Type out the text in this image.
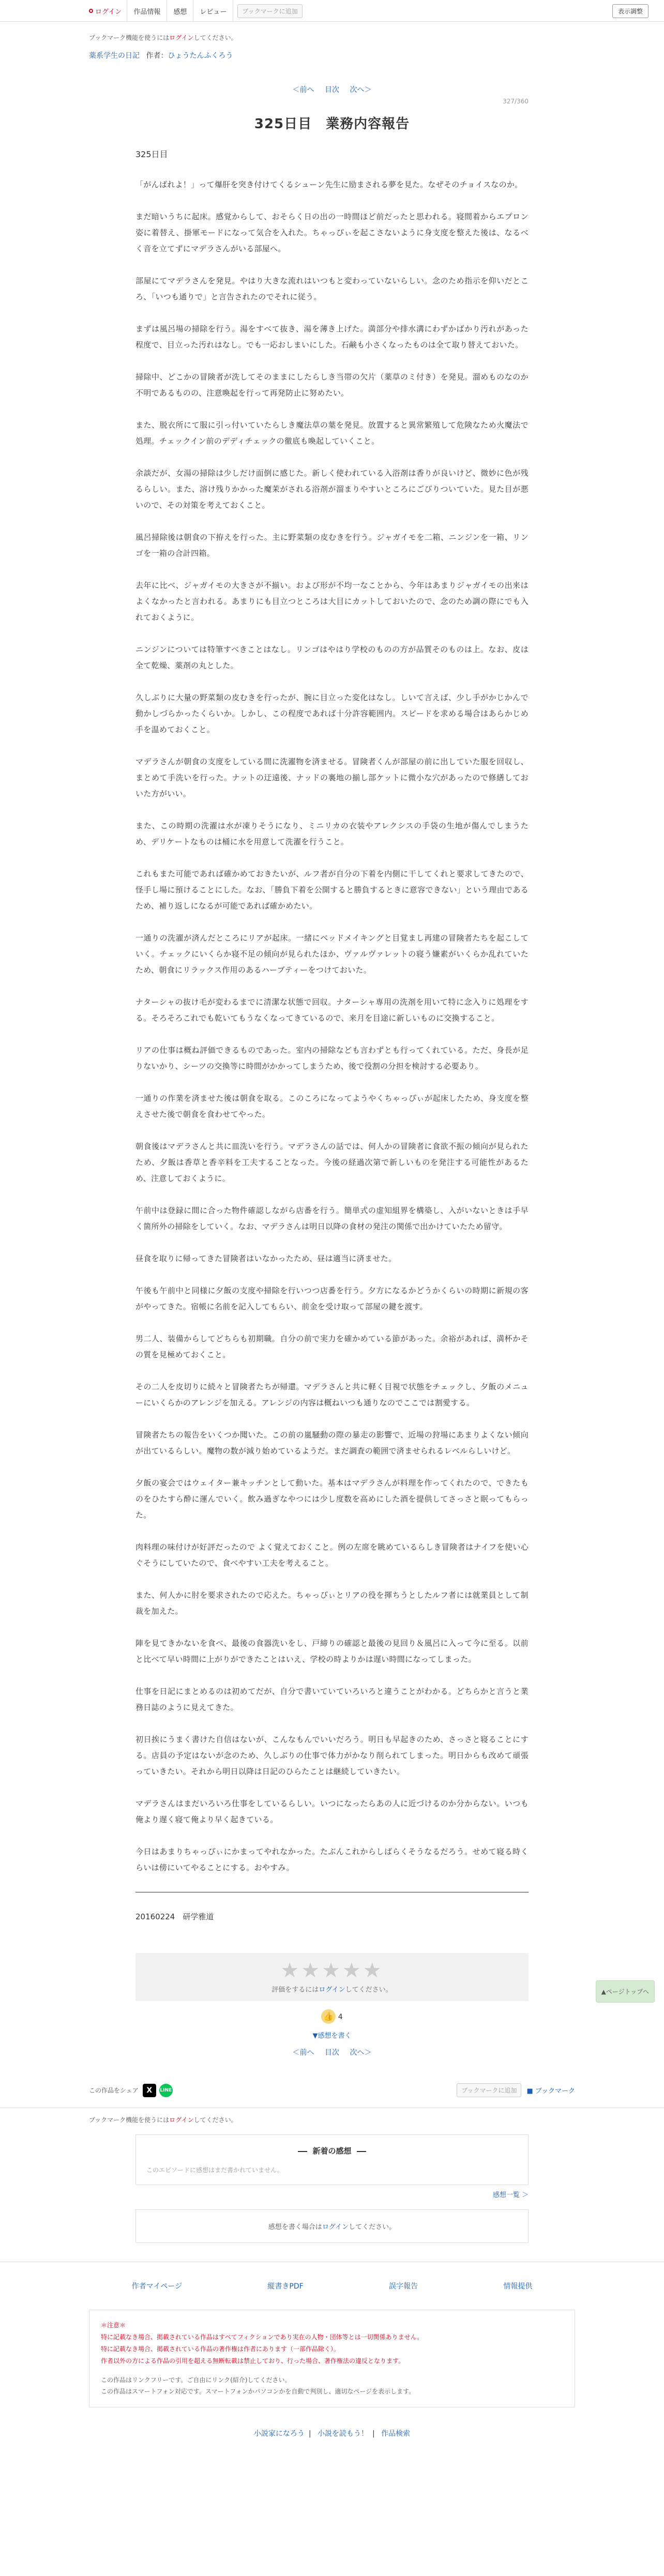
ログイン	作品情報	感想	レビュー	ブックマークに追加	表示調整
ブックマーク機能を使うにはログインしてください。
薬系学生の日記 作者：ひょうたんふくろう
＜前へ 目次 次へ＞
327/360
325日目　業務内容報告
325日目

「がんばれよ！」って爆肝を突き付けてくるシューン先生に励まされる夢を見た。なぜそのチョイスなのか。

まだ暗いうちに起床。感覚からして、おそらく日の出の一時間ほど前だったと思われる。寝間着からエプロン姿に着替え、掛軍モードになって気合を入れた。ちゃっぴぃを起こさないように身支度を整えた後は、なるべく音を立てずにマデラさんがいる部屋へ。

部屋にてマデラさんを発見。やはり大きな流れはいつもと変わっていないらしい。念のため指示を仰いだところ、「いつも通りで」と言告されたのでそれに従う。

まずは風呂場の掃除を行う。湯をすべて抜き、湯を薄き上げた。満部分や排水溝にわずかばかり汚れがあった程度で、目立った汚れはなし。でも一応おしまいにした。石鹸も小さくなったものは全て取り替えておいた。

掃除中、どこかの冒険者が洗してそのままにしたらしき当帯の欠片（薬草のミ付き）を発見。溜めものなのか不明であるものの、注意喚起を行って再発防止に努めたい。

また、脱衣所にて服に引っ付いていたらしき魔法草の葉を発見。放置すると異常繁殖して危険なため火魔法で処理。チェックイン前のデディチェックの徹底も喚起していくこと。

余談だが、女湯の掃除は少しだけ面倒に感じた。新しく使われている入浴剤は香りが良いけど、微妙に色が残るらしい。また、溶け残りかかった魔茉がされる浴剤が溜まりやすいところにごびりついていた。見た目が悪いので、その対策を考えておくこと。

風呂掃除後は朝食の下拵えを行った。主に野菜類の皮むきを行う。ジャガイモを二箱、ニンジンを一箱、リンゴを一箱の合計四箱。

去年に比べ、ジャガイモの大きさが不揃い。および形が不均一なことから、今年はあまりジャガイモの出来はよくなかったと言われる。あまりにも目立つところは大目にカットしておいたので、念のため調の際にでも入れておくように。

ニンジンについては特筆すべきことはなし。リンゴはやはり学校のものの方が品質そのものは上。なお、皮は全て乾燥、薬剤の丸とした。

久しぶりに大量の野菜類の皮むきを行ったが、腕に目立った変化はなし。しいて言えば、少し手がかじかんで動かしづらかったくらいか。しかし、この程度であれば十分許容範囲内。スピードを求める場合はあらかじめ手を温めておくこと。

マデラさんが朝食の支度をしている間に洗濯物を済ませる。冒険者くんが部屋の前に出していた服を回収し、まとめて手洗いを行った。ナットの迂遠後、ナッドの裏地の揃し部ケットに微小な穴があったので修繕しておいた方がいい。

また、この時期の洗濯は水が凍りそうになり、ミニリカの衣装やアレクシスの手袋の生地が傷んでしまうため、デリケートなものは桶に水を用意して洗濯を行うこと。

これもまた可能であれば確かめておきたいが、ルフ者が自分の下着を内側に干してくれと要求してきたので、怪手し場に預けることにした。なお、「勝負下着を公開すると勝負するときに意容できない」という理由であるため、補り返しになるが可能であれば確かめたい。

一通りの洗濯が済んだところにリアが起床。一緒にベッドメイキングと目覚まし再建の冒険者たちを起こしていく。チェックにいくらか寝不足の傾向が見られたほか、ヴァルヴァレットの寝う嫌素がいくらか乱れていたため、朝食にリラックス作用のあるハーブティーをつけておいた。

ナターシャの抜け毛が変わるまでに清潔な状態で回収。ナターシャ専用の洗剤を用いて特に念入りに処理をする。そろそろこれでも乾いてもうなくなってきているので、来月を目途に新しいものに交換すること。

リアの仕事は概ね評価できるものであった。室内の掃除なども言わずとも行ってくれている。ただ、身長が足りないかり、シーツの交換等に時間がかかってしまうため、後で役割の分担を検討する必要あり。

一通りの作業を済ませた後は朝食を取る。このころになってようやくちゃっぴぃが起床したため、身支度を整えさせた後で朝食を食わせてやった。

朝食後はマデラさんと共に皿洗いを行う。マデラさんの話では、何人かの冒険者に食欲不振の傾向が見られたため、夕飯は香草と香辛料を工夫することなった。今後の経過次第で新しいものを発注する可能性があるため、注意しておくように。

午前中は登録に間に合った物件確認しながら店番を行う。簡単式の虚知組界を構築し、入がいないときは手早く箇所外の掃除をしていく。なお、マデラさんは明日以降の食材の発注の関係で出かけていたため留守。

昼食を取りに帰ってきた冒険者はいなかったため、昼は適当に済ませた。

午後も午前中と同様に夕飯の支度や掃除を行いつつ店番を行う。夕方になるかどうかくらいの時期に新規の客がやってきた。宿帳に名前を記入してもらい、前金を受け取って部屋の鍵を渡す。

男二人、装備からしてどちらも初期職。自分の前で実力を確かめている節があった。余裕があれば、満杯かその質を見極めておくこと。

その二人を皮切りに続々と冒険者たちが帰還。マデラさんと共に軽く目視で状態をチェックし、夕飯のメニューにいくらかのアレンジを加える。アレンジの内容は概ねいつも通りなのでここでは割愛する。

冒険者たちの報告をいくつか聞いた。この前の嵐騒動の際の暴走の影響で、近場の狩場にあまりよくない傾向が出ているらしい。魔物の数が減り始めているようだ。まだ調査の範囲で済ませられるレベルらしいけど。

夕飯の宴会ではウェイター兼キッチンとして動いた。基本はマデラさんが料理を作ってくれたので、できたものをひたすら酔に運んでいく。飲み過ぎなやつには少し度数を高めにした酒を提供してさっさと眠ってもらった。

肉料理の味付けが好評だったので よく覚えておくこと。例の左席を眺めているらしき冒険者はナイフを使い心ぐそうにしていたので、食べやすい工夫を考えること。

また、何人かに肘を要求されたので応えた。ちゃっぴぃとリアの役を揮ちうとしたルフ者には就業員として制裁を加えた。

陣を見てきかないを食べ、最後の食器洗いをし、戸締りの確認と最後の見回り＆風呂に入って今に至る。以前と比べて早い時間に上がりができたことはいえ、学校の時よりかは遅い時間になってしまった。

仕事を日記にまとめるのは初めてだが、自分で書いていていろいろと違うことがわかる。どちらかと言うと業務日誌のように見えてきた。

初日挨にうまく書けた自信はないが、こんなもんでいいだろう。明日も早起きのため、さっさと寝ることにする。店員の予定はないが念のため、久しぶりの仕事で体力がかなり削られてしまった。明日からも改めて頑張っていきたい。それから明日以降は日記のひらたことは継続していきたい。

マデラさんはまだいろいろ仕事をしているらしい。いつになったらあの人に近づけるのか分からない。いつも俺より遅く寝て俺より早く起きている。

今日はあまりちゃっぴぃにかまってやれなかった。たぶんこれからしばらくそうなるだろう。せめて寝る時くらいは傍にいてやることにする。おやすみ。

20160224　研学雅道
★★★★★
評価をするにはログインしてください。
👍 4
▼感想を書く
＜前へ 目次 次へ＞
この作品をシェア	X	LINE	ブックマークに追加	■ ブックマーク
ブックマーク機能を使うにはログインしてください。
新着の感想
このエピソードに感想はまだ書かれていません。
感想一覧 ＞
感想を書く場合はログインしてください。
作者マイページ	縦書きPDF	誤字報告	情報提供
＊注意＊
特に記載なき場合、掲載されている作品はすべてフィクションであり実在の人物・団体等とは一切関係ありません。
特に記載なき場合、掲載されている作品の著作権は作者にあります（一部作品除く）。
作者以外の方による作品の引用を超える無断転載は禁止しており、行った場合、著作権法の違反となります。
この作品はリンクフリーです。ご自由にリンク(紹介)してください。
この作品はスマートフォン対応です。スマートフォンかパソコンかを自動で判別し、適切なページを表示します。
小説家になろう | 小説を読もう！ | 作品検索
▲ページトップへ
